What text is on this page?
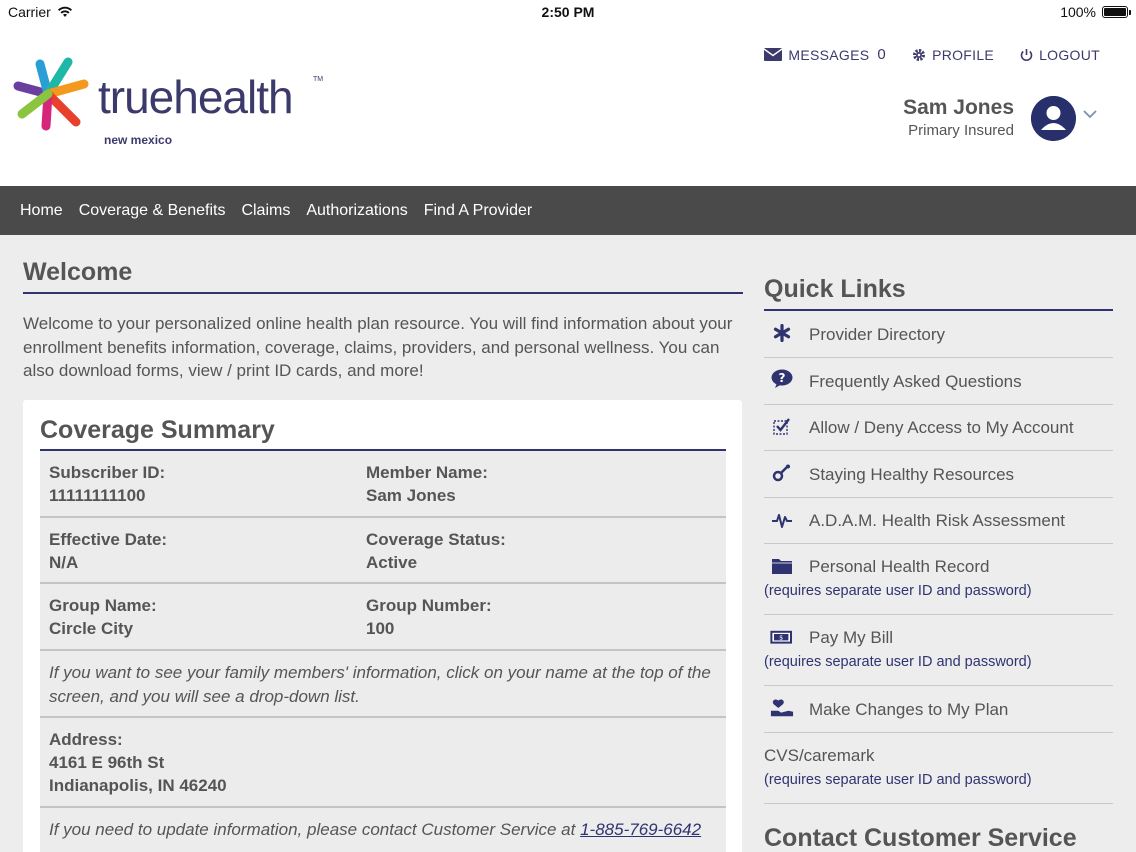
Carrier	2:50 PM	100%
truehealth	TM
new mexico
MESSAGES 0	PROFILE	LOGOUT
Sam Jones
Primary Insured
Home	Coverage & Benefits	Claims	Authorizations	Find A Provider
Welcome
Welcome to your personalized online health plan resource. You will find information about your enrollment benefits information, coverage, claims, providers, and personal wellness. You can also download forms, view / print ID cards, and more!
Coverage Summary
Subscriber ID:
11111111100
Member Name:
Sam Jones
Effective Date:
N/A
Coverage Status:
Active
Group Name:
Circle City
Group Number:
100
If you want to see your family members' information, click on your name at the top of the screen, and you will see a drop-down list.
Address:
4161 E 96th St
Indianapolis, IN 46240
If you need to update information, please contact Customer Service at 1-885-769-6642
Quick Links
Provider Directory
? Frequently Asked Questions
Allow / Deny Access to My Account
Staying Healthy Resources
A.D.A.M. Health Risk Assessment
Personal Health Record
(requires separate user ID and password)
$ Pay My Bill
(requires separate user ID and password)
Make Changes to My Plan
CVS/caremark
(requires separate user ID and password)
Contact Customer Service
